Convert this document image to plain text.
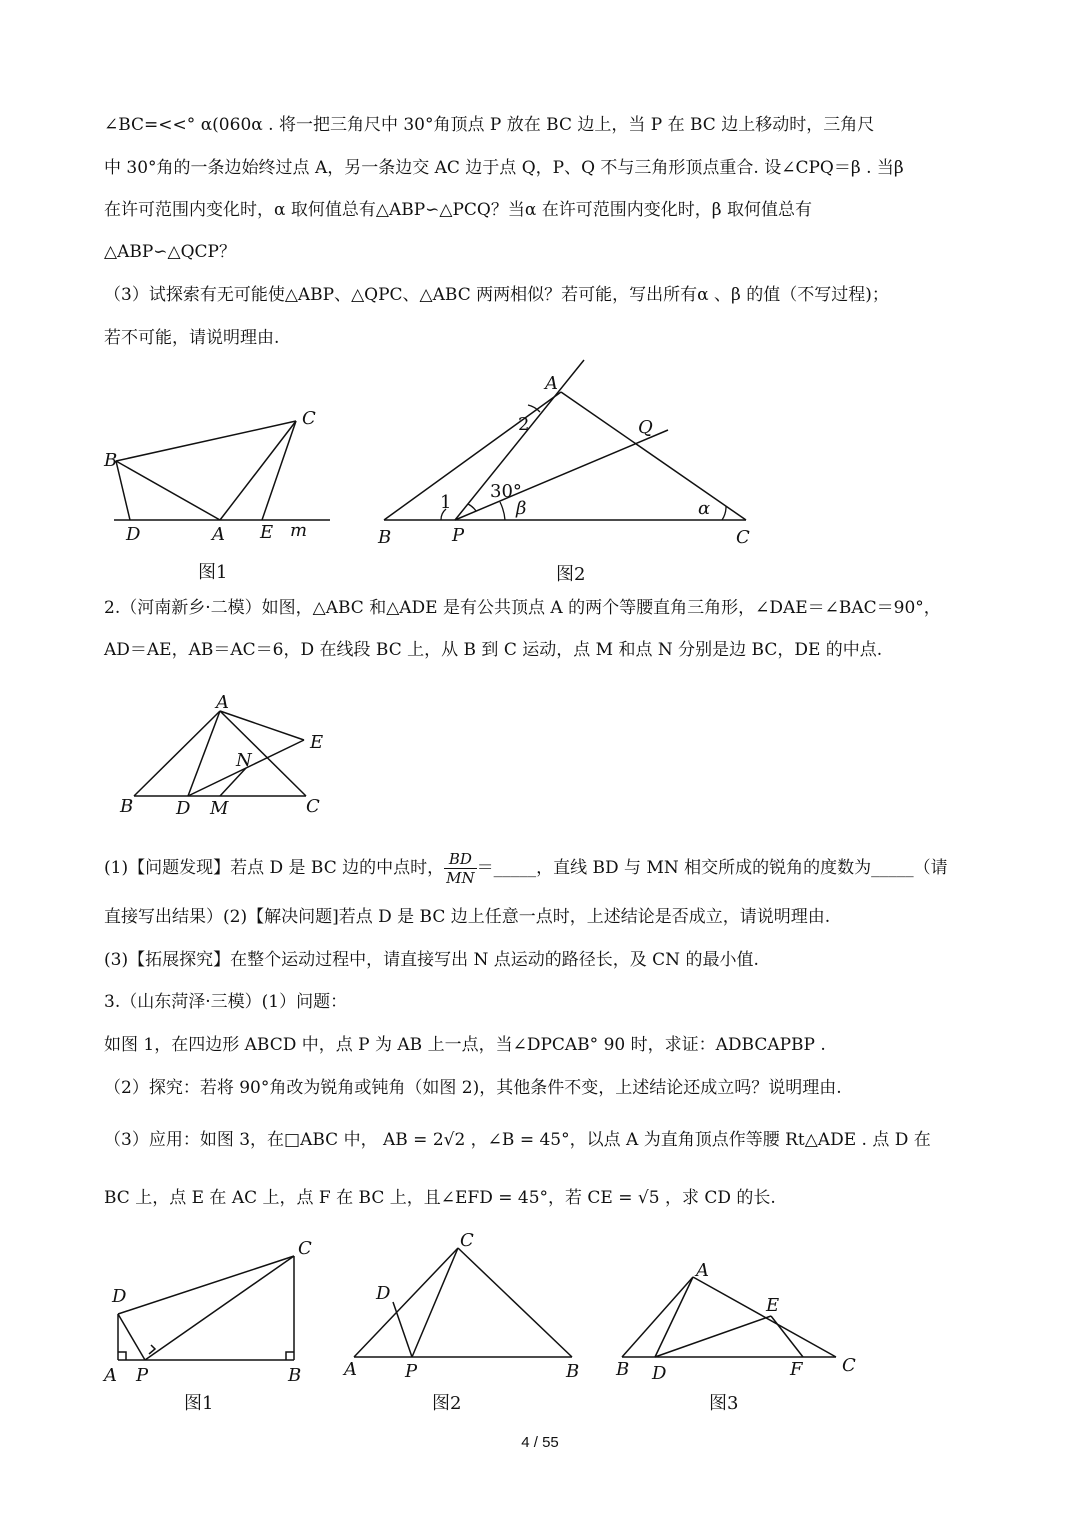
∠BC=<<° α(060α . 将一把三角尺中 30°角顶点 P 放在 BC 边上，当 P 在 BC 边上移动时，三角尺
中 30°角的一条边始终过点 A，另一条边交 AC 边于点 Q，P、Q 不与三角形顶点重合. 设∠CPQ＝β . 当β
在许可范围内变化时，α 取何值总有△ABP∽△PCQ？当α 在许可范围内变化时，β 取何值总有
△ABP∽△QCP？
（3）试探索有无可能使△ABP、△QPC、△ABC 两两相似？若可能，写出所有α 、β 的值（不写过程)；
若不可能，请说明理由.
B
C
D	A E m
图1
A
Q
2
1
30°
β	α
B	P	C
图2
2.（河南新乡·二模）如图，△ABC 和△ADE 是有公共顶点 A 的两个等腰直角三角形，∠DAE＝∠BAC＝90°，
AD＝AE，AB＝AC＝6，D 在线段 BC 上，从 B 到 C 运动，点 M 和点 N 分别是边 BC，DE 的中点.
A
E
N
B D M	C
(1)【问题发现】若点 D 是 BC 边的中点时， $\frac{BD}{MN}$ ＝_____，直线 BD 与 MN 相交所成的锐角的度数为_____（请
直接写出结果）(2)【解决问题]若点 D 是 BC 边上任意一点时，上述结论是否成立，请说明理由.
(3)【拓展探究】在整个运动过程中，请直接写出 N 点运动的路径长，及 CN 的最小值.
3.（山东菏泽·三模）(1）问题：
如图 1，在四边形 ABCD 中，点 P 为 AB 上一点，当∠DPCAB° 90 时，求证：ADBCAPBP .
（2）探究：若将 90°角改为锐角或钝角（如图 2)，其他条件不变，上述结论还成立吗？说明理由.
（3）应用：如图 3，在□ABC 中， AB = 2√2 ，∠B = 45°，以点 A 为直角顶点作等腰 Rt△ADE . 点 D 在
BC 上，点 E 在 AC 上，点 F 在 BC 上，且∠EFD = 45°，若 CE = √5 ，求 CD 的长.
C
D
A P	B
图1
C
D
A	P	B
图2
A
E
B D	F C
图3
4 / 55
